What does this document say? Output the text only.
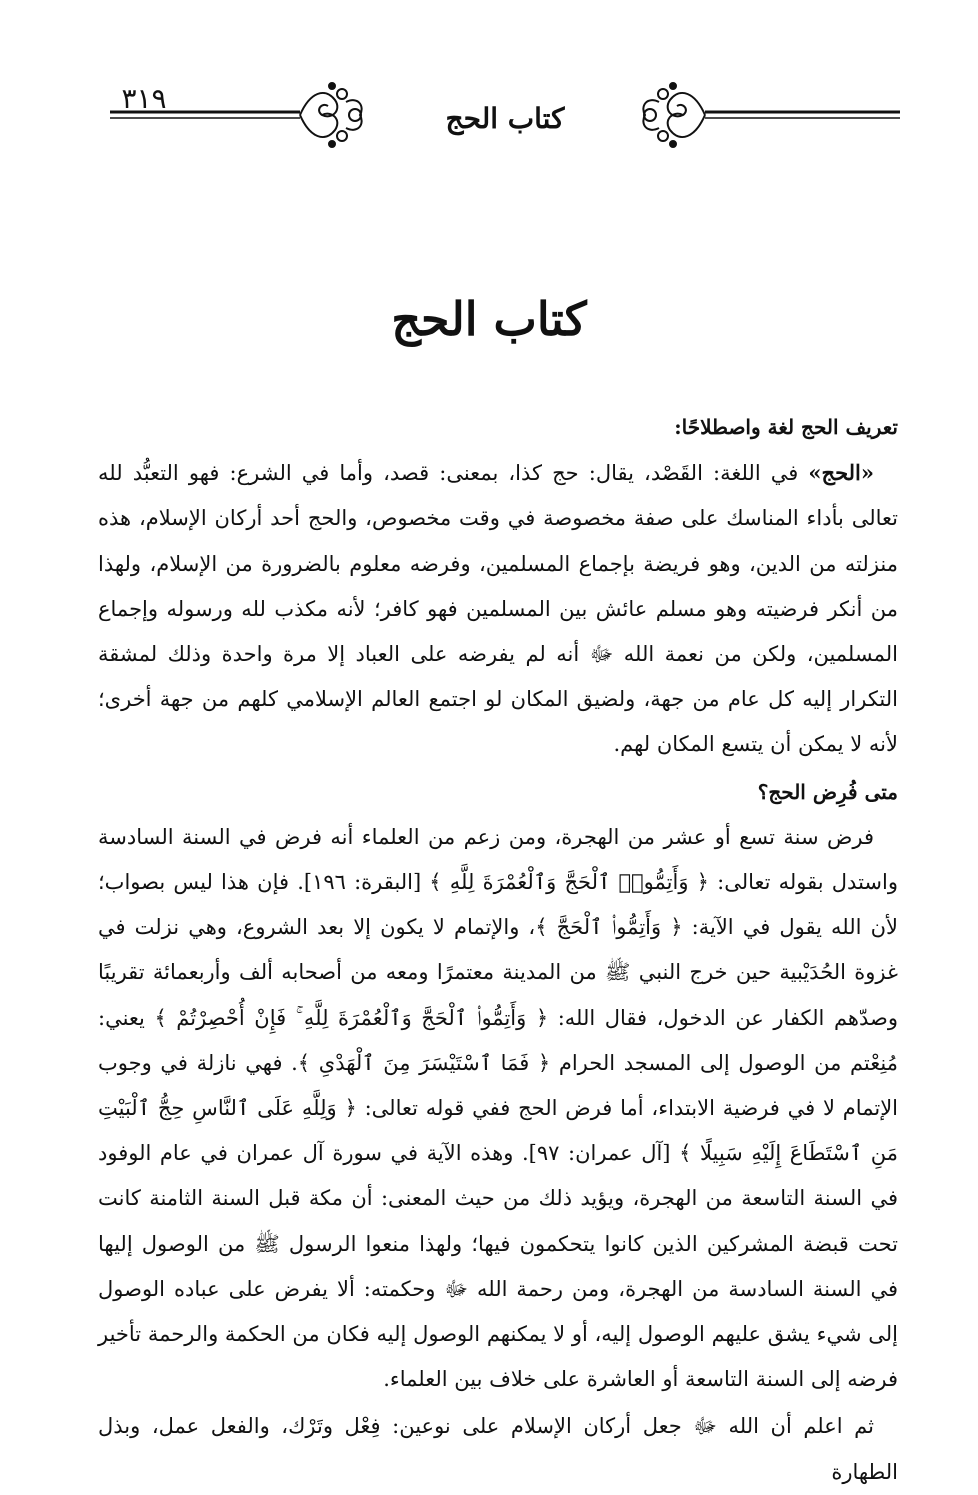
٣١٩
كتاب الحج
كتاب الحج
تعريف الحج لغة واصطلاحًا:

«الحج» في اللغة: القَصْد، يقال: حج كذا، بمعنى: قصد، وأما في الشرع: فهو التعبُّد لله تعالى بأداء المناسك على صفة مخصوصة في وقت مخصوص، والحج أحد أركان الإسلام، هذه منزلته من الدين، وهو فريضة بإجماع المسلمين، وفرضه معلوم بالضرورة من الإسلام، ولهذا من أنكر فرضيته وهو مسلم عائش بين المسلمين فهو كافر؛ لأنه مكذب لله ورسوله وإجماع المسلمين، ولكن من نعمة الله ﷻ أنه لم يفرضه على العباد إلا مرة واحدة وذلك لمشقة التكرار إليه كل عام من جهة، ولضيق المكان لو اجتمع العالم الإسلامي كلهم من جهة أخرى؛ لأنه لا يمكن أن يتسع المكان لهم.

متى فُرِض الحج؟

فرض سنة تسع أو عشر من الهجرة، ومن زعم من العلماء أنه فرض في السنة السادسة واستدل بقوله تعالى: ﴿ وَأَتِمُّوا۟ ٱلْحَجَّ وَٱلْعُمْرَةَ لِلَّهِ ﴾ [البقرة: ١٩٦]. فإن هذا ليس بصواب؛ لأن الله يقول في الآية: ﴿ وَأَتِمُّوا۟ ٱلْحَجَّ ﴾، والإتمام لا يكون إلا بعد الشروع، وهي نزلت في غزوة الحُدَيْبية حين خرج النبي ﷺ من المدينة معتمرًا ومعه من أصحابه ألف وأربعمائة تقريبًا وصدّهم الكفار عن الدخول، فقال الله: ﴿ وَأَتِمُّوا۟ ٱلْحَجَّ وَٱلْعُمْرَةَ لِلَّهِ ۚ فَإِنْ أُحْصِرْتُمْ ﴾ يعني: مُنِعْتم من الوصول إلى المسجد الحرام ﴿ فَمَا ٱسْتَيْسَرَ مِنَ ٱلْهَدْىِ ﴾. فهي نازلة في وجوب الإتمام لا في فرضية الابتداء، أما فرض الحج ففي قوله تعالى: ﴿ وَلِلَّهِ عَلَى ٱلنَّاسِ حِجُّ ٱلْبَيْتِ مَنِ ٱسْتَطَاعَ إِلَيْهِ سَبِيلًا ﴾ [آل عمران: ٩٧]. وهذه الآية في سورة آل عمران في عام الوفود في السنة التاسعة من الهجرة، ويؤيد ذلك من حيث المعنى: أن مكة قبل السنة الثامنة كانت تحت قبضة المشركين الذين كانوا يتحكمون فيها؛ ولهذا منعوا الرسول ﷺ من الوصول إليها في السنة السادسة من الهجرة، ومن رحمة الله ﷻ وحكمته: ألا يفرض على عباده الوصول إلى شيء يشق عليهم الوصول إليه، أو لا يمكنهم الوصول إليه فكان من الحكمة والرحمة تأخير فرضه إلى السنة التاسعة أو العاشرة على خلاف بين العلماء.

ثم اعلم أن الله ﷻ جعل أركان الإسلام على نوعين: فِعْل وتَرْك، والفعل عمل، وبذل الطهارة
